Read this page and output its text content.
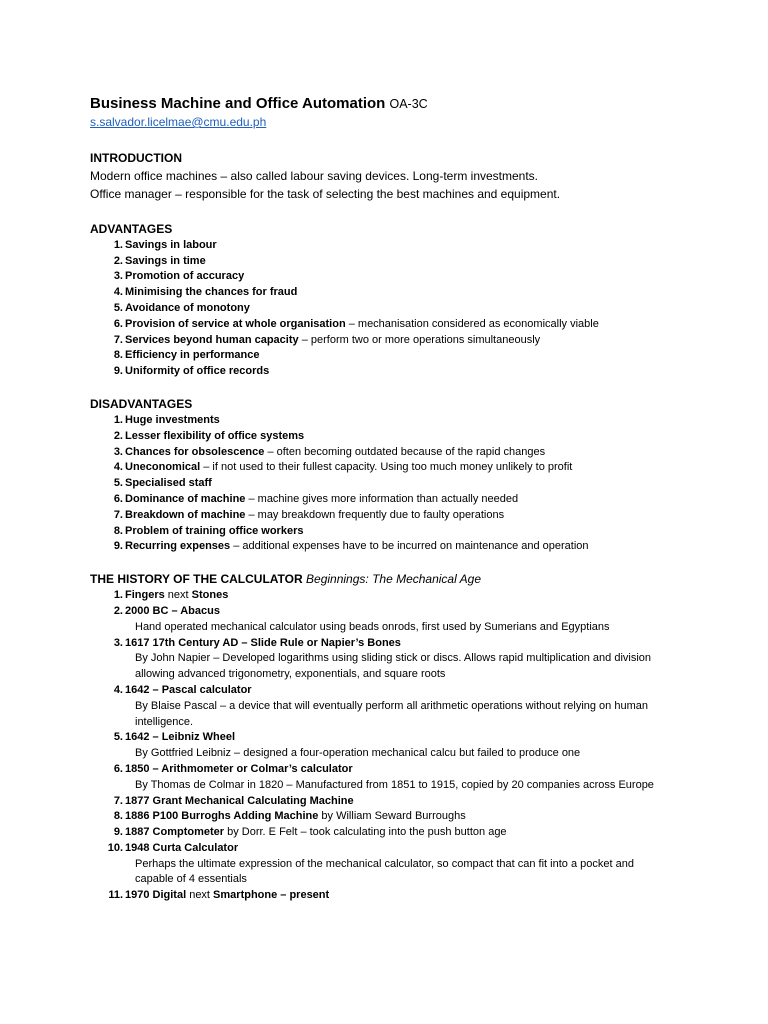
Business Machine and Office Automation OA-3C
s.salvador.licelmae@cmu.edu.ph
INTRODUCTION
Modern office machines – also called labour saving devices. Long-term investments.
Office manager – responsible for the task of selecting the best machines and equipment.
ADVANTAGES
1. Savings in labour
2. Savings in time
3. Promotion of accuracy
4. Minimising the chances for fraud
5. Avoidance of monotony
6. Provision of service at whole organisation – mechanisation considered as economically viable
7. Services beyond human capacity – perform two or more operations simultaneously
8. Efficiency in performance
9. Uniformity of office records
DISADVANTAGES
1. Huge investments
2. Lesser flexibility of office systems
3. Chances for obsolescence – often becoming outdated because of the rapid changes
4. Uneconomical – if not used to their fullest capacity. Using too much money unlikely to profit
5. Specialised staff
6. Dominance of machine – machine gives more information than actually needed
7. Breakdown of machine – may breakdown frequently due to faulty operations
8. Problem of training office workers
9. Recurring expenses – additional expenses have to be incurred on maintenance and operation
THE HISTORY OF THE CALCULATOR Beginnings: The Mechanical Age
1. Fingers next Stones
2. 2000 BC – Abacus
Hand operated mechanical calculator using beads onrods, first used by Sumerians and Egyptians
3. 1617 17th Century AD – Slide Rule or Napier’s Bones
By John Napier – Developed logarithms using sliding stick or discs. Allows rapid multiplication and division
allowing advanced trigonometry, exponentials, and square roots
4. 1642 – Pascal calculator
By Blaise Pascal – a device that will eventually perform all arithmetic operations without relying on human
intelligence.
5. 1642 – Leibniz Wheel
By Gottfried Leibniz – designed a four-operation mechanical calcu but failed to produce one
6. 1850 – Arithmometer or Colmar’s calculator
By Thomas de Colmar in 1820 – Manufactured from 1851 to 1915, copied by 20 companies across Europe
7. 1877 Grant Mechanical Calculating Machine
8. 1886 P100 Burroghs Adding Machine by William Seward Burroughs
9. 1887 Comptometer by Dorr. E Felt – took calculating into the push button age
10. 1948 Curta Calculator
Perhaps the ultimate expression of the mechanical calculator, so compact that can fit into a pocket and
capable of 4 essentials
11. 1970 Digital next Smartphone – present
